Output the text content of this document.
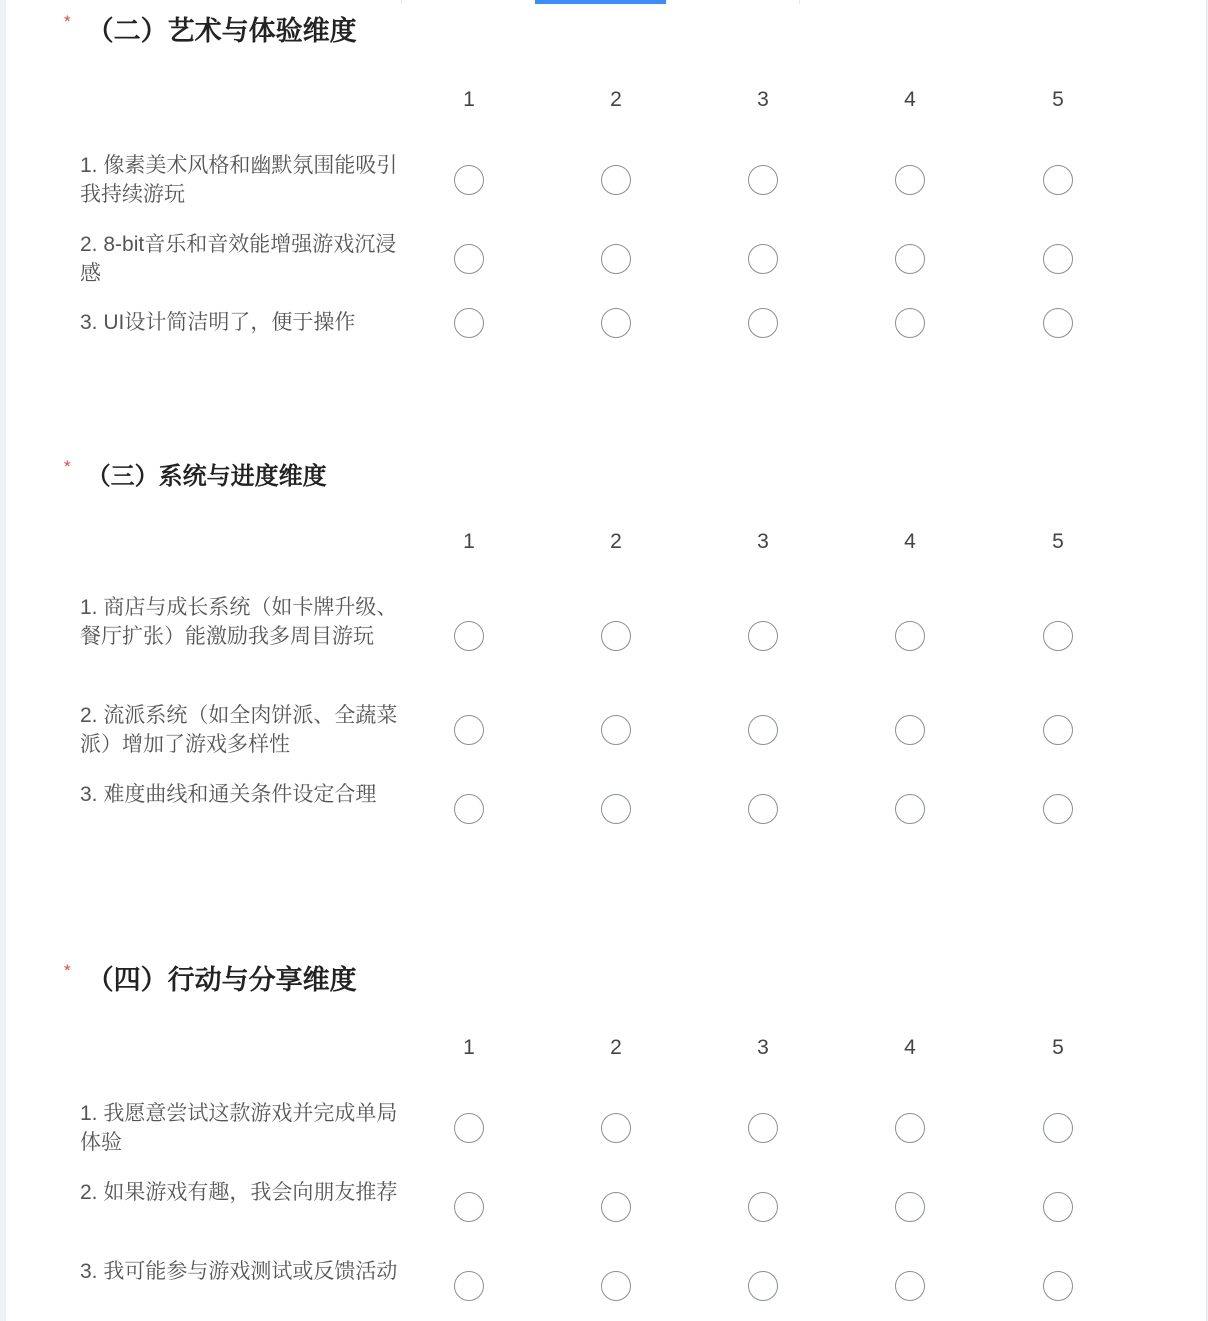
* （二）艺术与体验维度
1	2	3	4	5
1. 像素美术风格和幽默氛围能吸引我持续游玩
2. 8-bit音乐和音效能增强游戏沉浸感
3. UI设计简洁明了，便于操作
* （三）系统与进度维度
1	2	3	4	5
1. 商店与成长系统（如卡牌升级、餐厅扩张）能激励我多周目游玩
2. 流派系统（如全肉饼派、全蔬菜派）增加了游戏多样性
3. 难度曲线和通关条件设定合理
* （四）行动与分享维度
1	2	3	4	5
1. 我愿意尝试这款游戏并完成单局体验
2. 如果游戏有趣，我会向朋友推荐
3. 我可能参与游戏测试或反馈活动
